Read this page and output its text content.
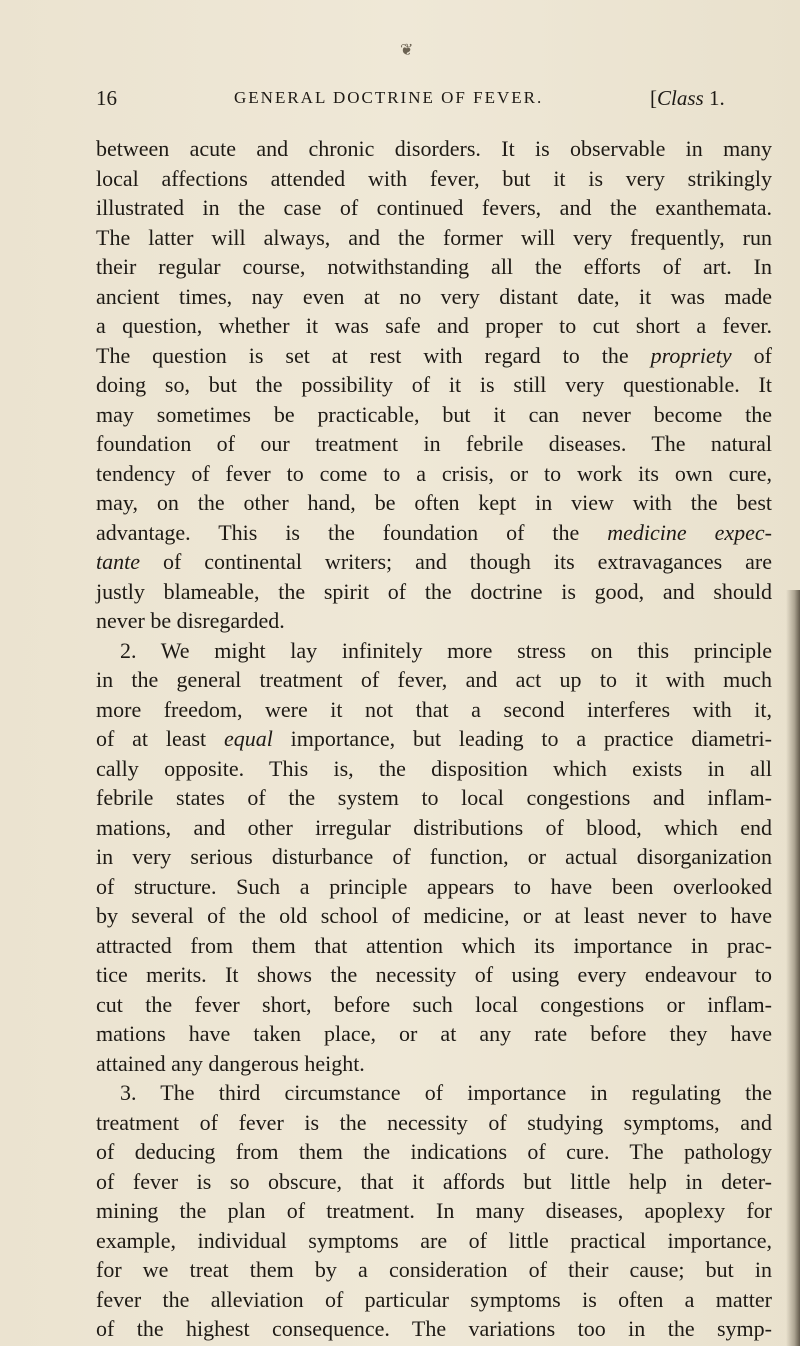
❦
16	GENERAL DOCTRINE OF FEVER.	[Class 1.
between acute and chronic disorders. It is observable in many
local affections attended with fever, but it is very strikingly
illustrated in the case of continued fevers, and the exanthemata.
The latter will always, and the former will very frequently, run
their regular course, notwithstanding all the efforts of art. In
ancient times, nay even at no very distant date, it was made
a question, whether it was safe and proper to cut short a fever.
The question is set at rest with regard to the propriety of
doing so, but the possibility of it is still very questionable. It
may sometimes be practicable, but it can never become the
foundation of our treatment in febrile diseases. The natural
tendency of fever to come to a crisis, or to work its own cure,
may, on the other hand, be often kept in view with the best
advantage. This is the foundation of the medicine expec-
tante of continental writers; and though its extravagances are
justly blameable, the spirit of the doctrine is good, and should
never be disregarded.
2. We might lay infinitely more stress on this principle
in the general treatment of fever, and act up to it with much
more freedom, were it not that a second interferes with it,
of at least equal importance, but leading to a practice diametri-
cally opposite. This is, the disposition which exists in all
febrile states of the system to local congestions and inflam-
mations, and other irregular distributions of blood, which end
in very serious disturbance of function, or actual disorganization
of structure. Such a principle appears to have been overlooked
by several of the old school of medicine, or at least never to have
attracted from them that attention which its importance in prac-
tice merits. It shows the necessity of using every endeavour to
cut the fever short, before such local congestions or inflam-
mations have taken place, or at any rate before they have
attained any dangerous height.
3. The third circumstance of importance in regulating the
treatment of fever is the necessity of studying symptoms, and
of deducing from them the indications of cure. The pathology
of fever is so obscure, that it affords but little help in deter-
mining the plan of treatment. In many diseases, apoplexy for
example, individual symptoms are of little practical importance,
for we treat them by a consideration of their cause; but in
fever the alleviation of particular symptoms is often a matter
of the highest consequence. The variations too in the symp-
